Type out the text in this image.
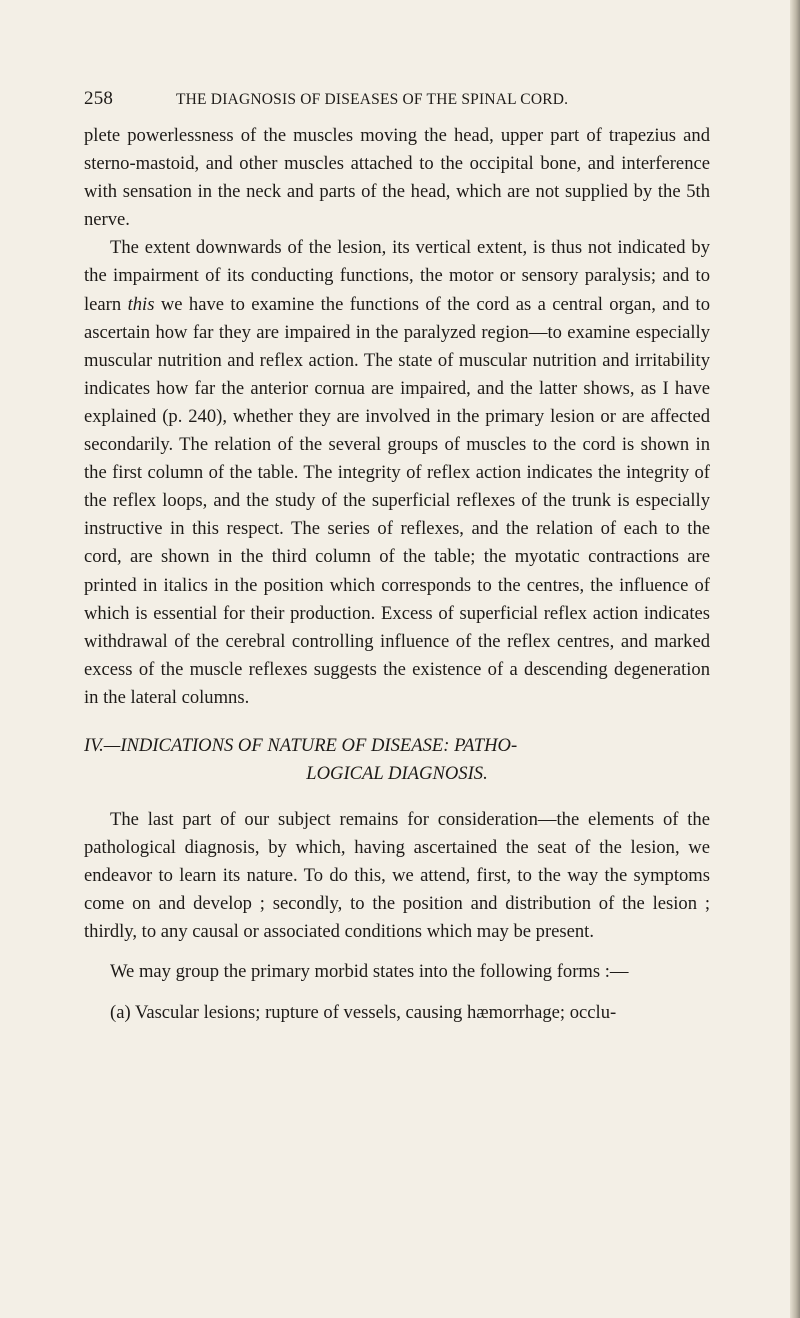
258	THE DIAGNOSIS OF DISEASES OF THE SPINAL CORD.

plete powerlessness of the muscles moving the head, upper part of trapezius and sterno-mastoid, and other muscles attached to the occipital bone, and interference with sensation in the neck and parts of the head, which are not supplied by the 5th nerve.

The extent downwards of the lesion, its vertical extent, is thus not indicated by the impairment of its conducting functions, the motor or sensory paralysis; and to learn this we have to examine the functions of the cord as a central organ, and to ascertain how far they are impaired in the paralyzed region—to examine especially muscular nutrition and reflex action. The state of muscular nutrition and irritability indicates how far the anterior cornua are impaired, and the latter shows, as I have explained (p. 240), whether they are involved in the primary lesion or are affected secondarily. The relation of the several groups of muscles to the cord is shown in the first column of the table. The integrity of reflex action indicates the integrity of the reflex loops, and the study of the superficial reflexes of the trunk is especially instructive in this respect. The series of reflexes, and the relation of each to the cord, are shown in the third column of the table; the myotatic contractions are printed in italics in the position which corresponds to the centres, the influence of which is essential for their production. Excess of superficial reflex action indicates withdrawal of the cerebral controlling influence of the reflex centres, and marked excess of the muscle reflexes suggests the existence of a descending degeneration in the lateral columns.

IV.—INDICATIONS OF NATURE OF DISEASE: PATHO-
LOGICAL DIAGNOSIS.

The last part of our subject remains for consideration—the elements of the pathological diagnosis, by which, having ascertained the seat of the lesion, we endeavor to learn its nature. To do this, we attend, first, to the way the symptoms come on and develop ; secondly, to the position and distribution of the lesion ; thirdly, to any causal or associated conditions which may be present.

We may group the primary morbid states into the following forms :—

(a) Vascular lesions; rupture of vessels, causing hæmorrhage; occlu-
